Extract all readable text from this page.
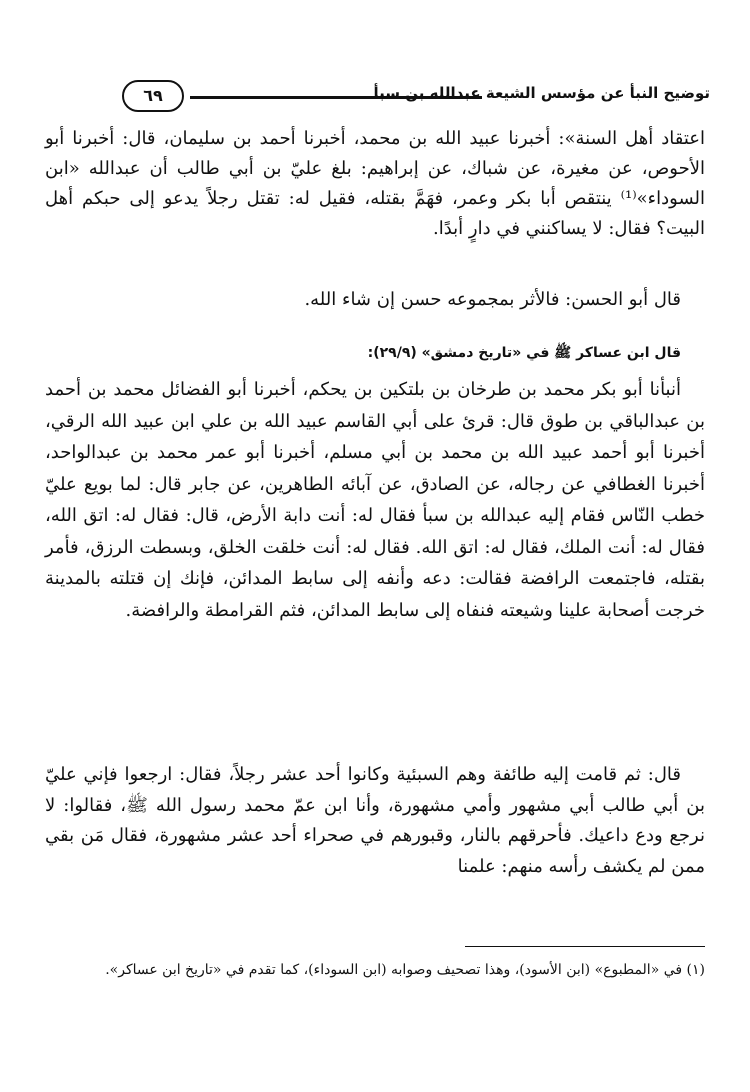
توضيح النبأ عن مؤسس الشيعة عبدالله بن سبأ
٦٩

اعتقاد أهل السنة»: أخبرنا عبيد الله بن محمد، أخبرنا أحمد بن سليمان، قال: أخبرنا أبو الأحوص، عن مغيرة، عن شباك، عن إبراهيم: بلغ عليّ بن أبي طالب أن عبدالله «ابن السوداء»⁽¹⁾ ينتقص أبا بكر وعمر، فهَمَّ بقتله، فقيل له: تقتل رجلاً يدعو إلى حبكم أهل البيت؟ فقال: لا يساكنني في دارٍ أبدًا.

قال أبو الحسن: فالأثر بمجموعه حسن إن شاء الله.

قال ابن عساكر ﷺ في «تاريخ دمشق» (٢٩/٩):

أنبأنا أبو بكر محمد بن طرخان بن بلتكين بن يحكم، أخبرنا أبو الفضائل محمد بن أحمد بن عبدالباقي بن طوق قال: قرئ على أبي القاسم عبيد الله بن علي ابن عبيد الله الرقي، أخبرنا أبو أحمد عبيد الله بن محمد بن أبي مسلم، أخبرنا أبو عمر محمد بن عبدالواحد، أخبرنا الغطافي عن رجاله، عن الصادق، عن آبائه الطاهرين، عن جابر قال: لما بويع عليّ خطب النّاس فقام إليه عبدالله بن سبأ فقال له: أنت دابة الأرض، قال: فقال له: اتق الله، فقال له: أنت الملك، فقال له: اتق الله. فقال له: أنت خلقت الخلق، وبسطت الرزق، فأمر بقتله، فاجتمعت الرافضة فقالت: دعه وأنفه إلى سابط المدائن، فإنك إن قتلته بالمدينة خرجت أصحابة علينا وشيعته فنفاه إلى سابط المدائن، فثم القرامطة والرافضة.

قال: ثم قامت إليه طائفة وهم السبئية وكانوا أحد عشر رجلاً، فقال: ارجعوا فإني عليّ بن أبي طالب أبي مشهور وأمي مشهورة، وأنا ابن عمّ محمد رسول الله ﷺ، فقالوا: لا نرجع ودع داعيك. فأحرقهم بالنار، وقبورهم في صحراء أحد عشر مشهورة، فقال مَن بقي ممن لم يكشف رأسه منهم: علمنا

(١) في «المطبوع» (ابن الأسود)، وهذا تصحيف وصوابه (ابن السوداء)، كما تقدم في «تاريخ ابن عساكر».
